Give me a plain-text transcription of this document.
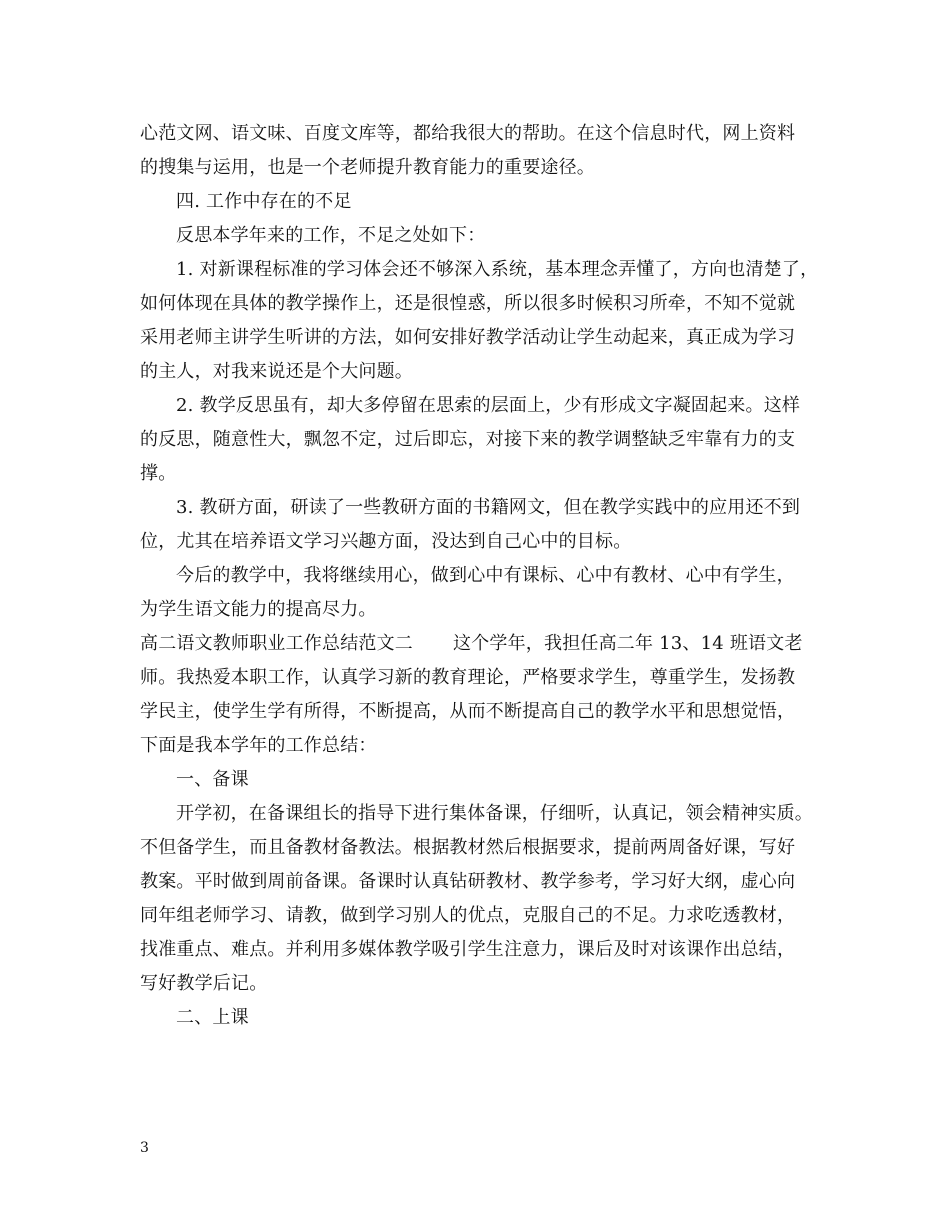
心范文网、语文味、百度文库等，都给我很大的帮助。在这个信息时代，网上资料
的搜集与运用，也是一个老师提升教育能力的重要途径。
四. 工作中存在的不足
反思本学年来的工作，不足之处如下：
1. 对新课程标准的学习体会还不够深入系统，基本理念弄懂了，方向也清楚了，
如何体现在具体的教学操作上，还是很惶惑，所以很多时候积习所牵，不知不觉就
采用老师主讲学生听讲的方法，如何安排好教学活动让学生动起来，真正成为学习
的主人，对我来说还是个大问题。
2. 教学反思虽有，却大多停留在思索的层面上，少有形成文字凝固起来。这样
的反思，随意性大，飘忽不定，过后即忘，对接下来的教学调整缺乏牢靠有力的支
撑。
3. 教研方面，研读了一些教研方面的书籍网文，但在教学实践中的应用还不到
位，尤其在培养语文学习兴趣方面，没达到自己心中的目标。
今后的教学中，我将继续用心，做到心中有课标、心中有教材、心中有学生，
为学生语文能力的提高尽力。
高二语文教师职业工作总结范文二 这个学年，我担任高二年 13、14 班语文老
师。我热爱本职工作，认真学习新的教育理论，严格要求学生，尊重学生，发扬教
学民主，使学生学有所得，不断提高，从而不断提高自己的教学水平和思想觉悟，
下面是我本学年的工作总结：
一、备课
开学初，在备课组长的指导下进行集体备课，仔细听，认真记，领会精神实质。
不但备学生，而且备教材备教法。根据教材然后根据要求，提前两周备好课，写好
教案。平时做到周前备课。备课时认真钻研教材、教学参考，学习好大纲，虚心向
同年组老师学习、请教，做到学习别人的优点，克服自己的不足。力求吃透教材，
找准重点、难点。并利用多媒体教学吸引学生注意力，课后及时对该课作出总结，
写好教学后记。
二、上课
3
